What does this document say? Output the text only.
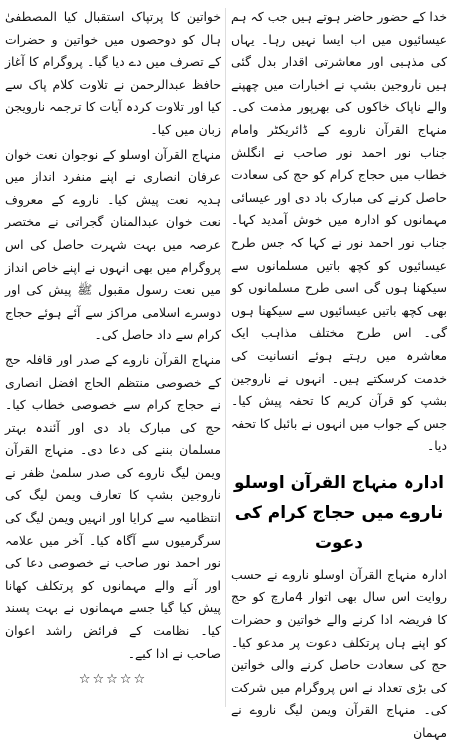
خدا کے حضور حاضر ہوتے ہیں جب کہ ہم عیسائیوں میں اب ایسا نہیں رہا۔ یہاں کی مذہبی اور معاشرتی اقدار بدل گئی ہیں ناروجین بشپ نے اخبارات میں چھپنے والے ناپاک خاکوں کی بھرپور مذمت کی۔ منہاج القرآن ناروے کے ڈائریکٹر وامام جناب نور احمد نور صاحب نے انگلش خطاب میں حجاج کرام کو حج کی سعادت حاصل کرنے کی مبارک باد دی اور عیسائی مہمانوں کو ادارہ میں خوش آمدید کہا۔ جناب نور احمد نور نے کہا کہ جس طرح عیسائیوں کو کچھ باتیں مسلمانوں سے سیکھنا ہوں گی اسی طرح مسلمانوں کو بھی کچھ باتیں عیسائیوں سے سیکھنا ہوں گی۔ اس طرح مختلف مذاہب ایک معاشرہ میں رہتے ہوئے انسانیت کی خدمت کرسکتے ہیں۔ انہوں نے ناروجین بشپ کو قرآن کریم کا تحفہ پیش کیا۔ جس کے جواب میں انہوں نے بائبل کا تحفہ دیا۔

ادارہ منہاج القرآن اوسلو ناروے میں حجاج کرام کی دعوت

ادارہ منہاج القرآن اوسلو ناروے نے حسب روایت اس سال بھی اتوار 4مارچ کو حج کا فریضہ ادا کرنے والے خواتین و حضرات کو اپنے ہاں پرتکلف دعوت پر مدعو کیا۔ حج کی سعادت حاصل کرنے والی خواتین کی بڑی تعداد نے اس پروگرام میں شرکت کی۔ منہاج القرآن ویمن لیگ ناروے نے مہمان

خواتین کا پرتپاک استقبال کیا المصطفیٰ ہال کو دوحصوں میں خواتین و حضرات کے تصرف میں دے دیا گیا۔ پروگرام کا آغاز حافظ عبدالرحمن نے تلاوت کلام پاک سے کیا اور تلاوت کردہ آیات کا ترجمہ نارویجن زبان میں کیا۔

منہاج القرآن اوسلو کے نوجوان نعت خوان عرفان انصاری نے اپنے منفرد انداز میں ہدیہ نعت پیش کیا۔ ناروے کے معروف نعت خوان عبدالمنان گجراتی نے مختصر عرصہ میں بہت شہرت حاصل کی اس پروگرام میں بھی انہوں نے اپنے خاص انداز میں نعت رسول مقبول ﷺ پیش کی اور دوسرے اسلامی مراکز سے آئے ہوئے حجاج کرام سے داد حاصل کی۔

منہاج القرآن ناروے کے صدر اور قافلہ حج کے خصوصی منتظم الحاج افضل انصاری نے حجاج کرام سے خصوصی خطاب کیا۔ حج کی مبارک باد دی اور آئندہ بہتر مسلمان بننے کی دعا دی۔ منہاج القرآن ویمن لیگ ناروے کی صدر سلمیٰ ظفر نے ناروجین بشپ کا تعارف ویمن لیگ کی انتظامیہ سے کرایا اور انہیں ویمن لیگ کی سرگرمیوں سے آگاہ کیا۔ آخر میں علامہ نور احمد نور صاحب نے خصوصی دعا کی اور آنے والے مہمانوں کو پرتکلف کھانا پیش کیا گیا جسے مہمانوں نے بہت پسند کیا۔ نظامت کے فرائض راشد اعوان صاحب نے ادا کیے۔

☆☆☆☆☆
